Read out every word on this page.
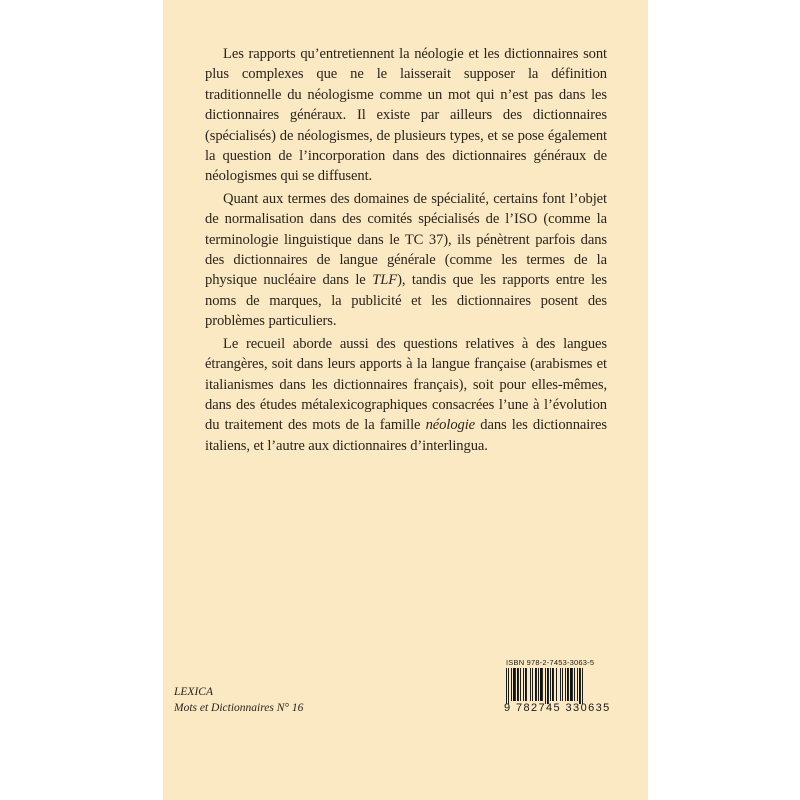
Les rapports qu’entretiennent la néologie et les dictionnaires sont plus complexes que ne le laisserait supposer la définition traditionnelle du néologisme comme un mot qui n’est pas dans les dictionnaires généraux. Il existe par ailleurs des dictionnaires (spécialisés) de néologismes, de plusieurs types, et se pose également la question de l’incorporation dans des dictionnaires généraux de néologismes qui se diffusent.

Quant aux termes des domaines de spécialité, certains font l’objet de normalisation dans des comités spécialisés de l’ISO (comme la terminologie linguistique dans le TC 37), ils pénètrent parfois dans des dictionnaires de langue générale (comme les termes de la physique nucléaire dans le TLF), tandis que les rapports entre les noms de marques, la publicité et les dictionnaires posent des problèmes particuliers.

Le recueil aborde aussi des questions relatives à des langues étrangères, soit dans leurs apports à la langue française (arabismes et italianismes dans les dictionnaires français), soit pour elles-mêmes, dans des études métalexicographiques consacrées l’une à l’évolution du traitement des mots de la famille néologie dans les dictionnaires italiens, et l’autre aux dictionnaires d’interlingua.

LEXICA
Mots et Dictionnaires N° 16
ISBN 978-2-7453-3063-5
9 782745 330635
